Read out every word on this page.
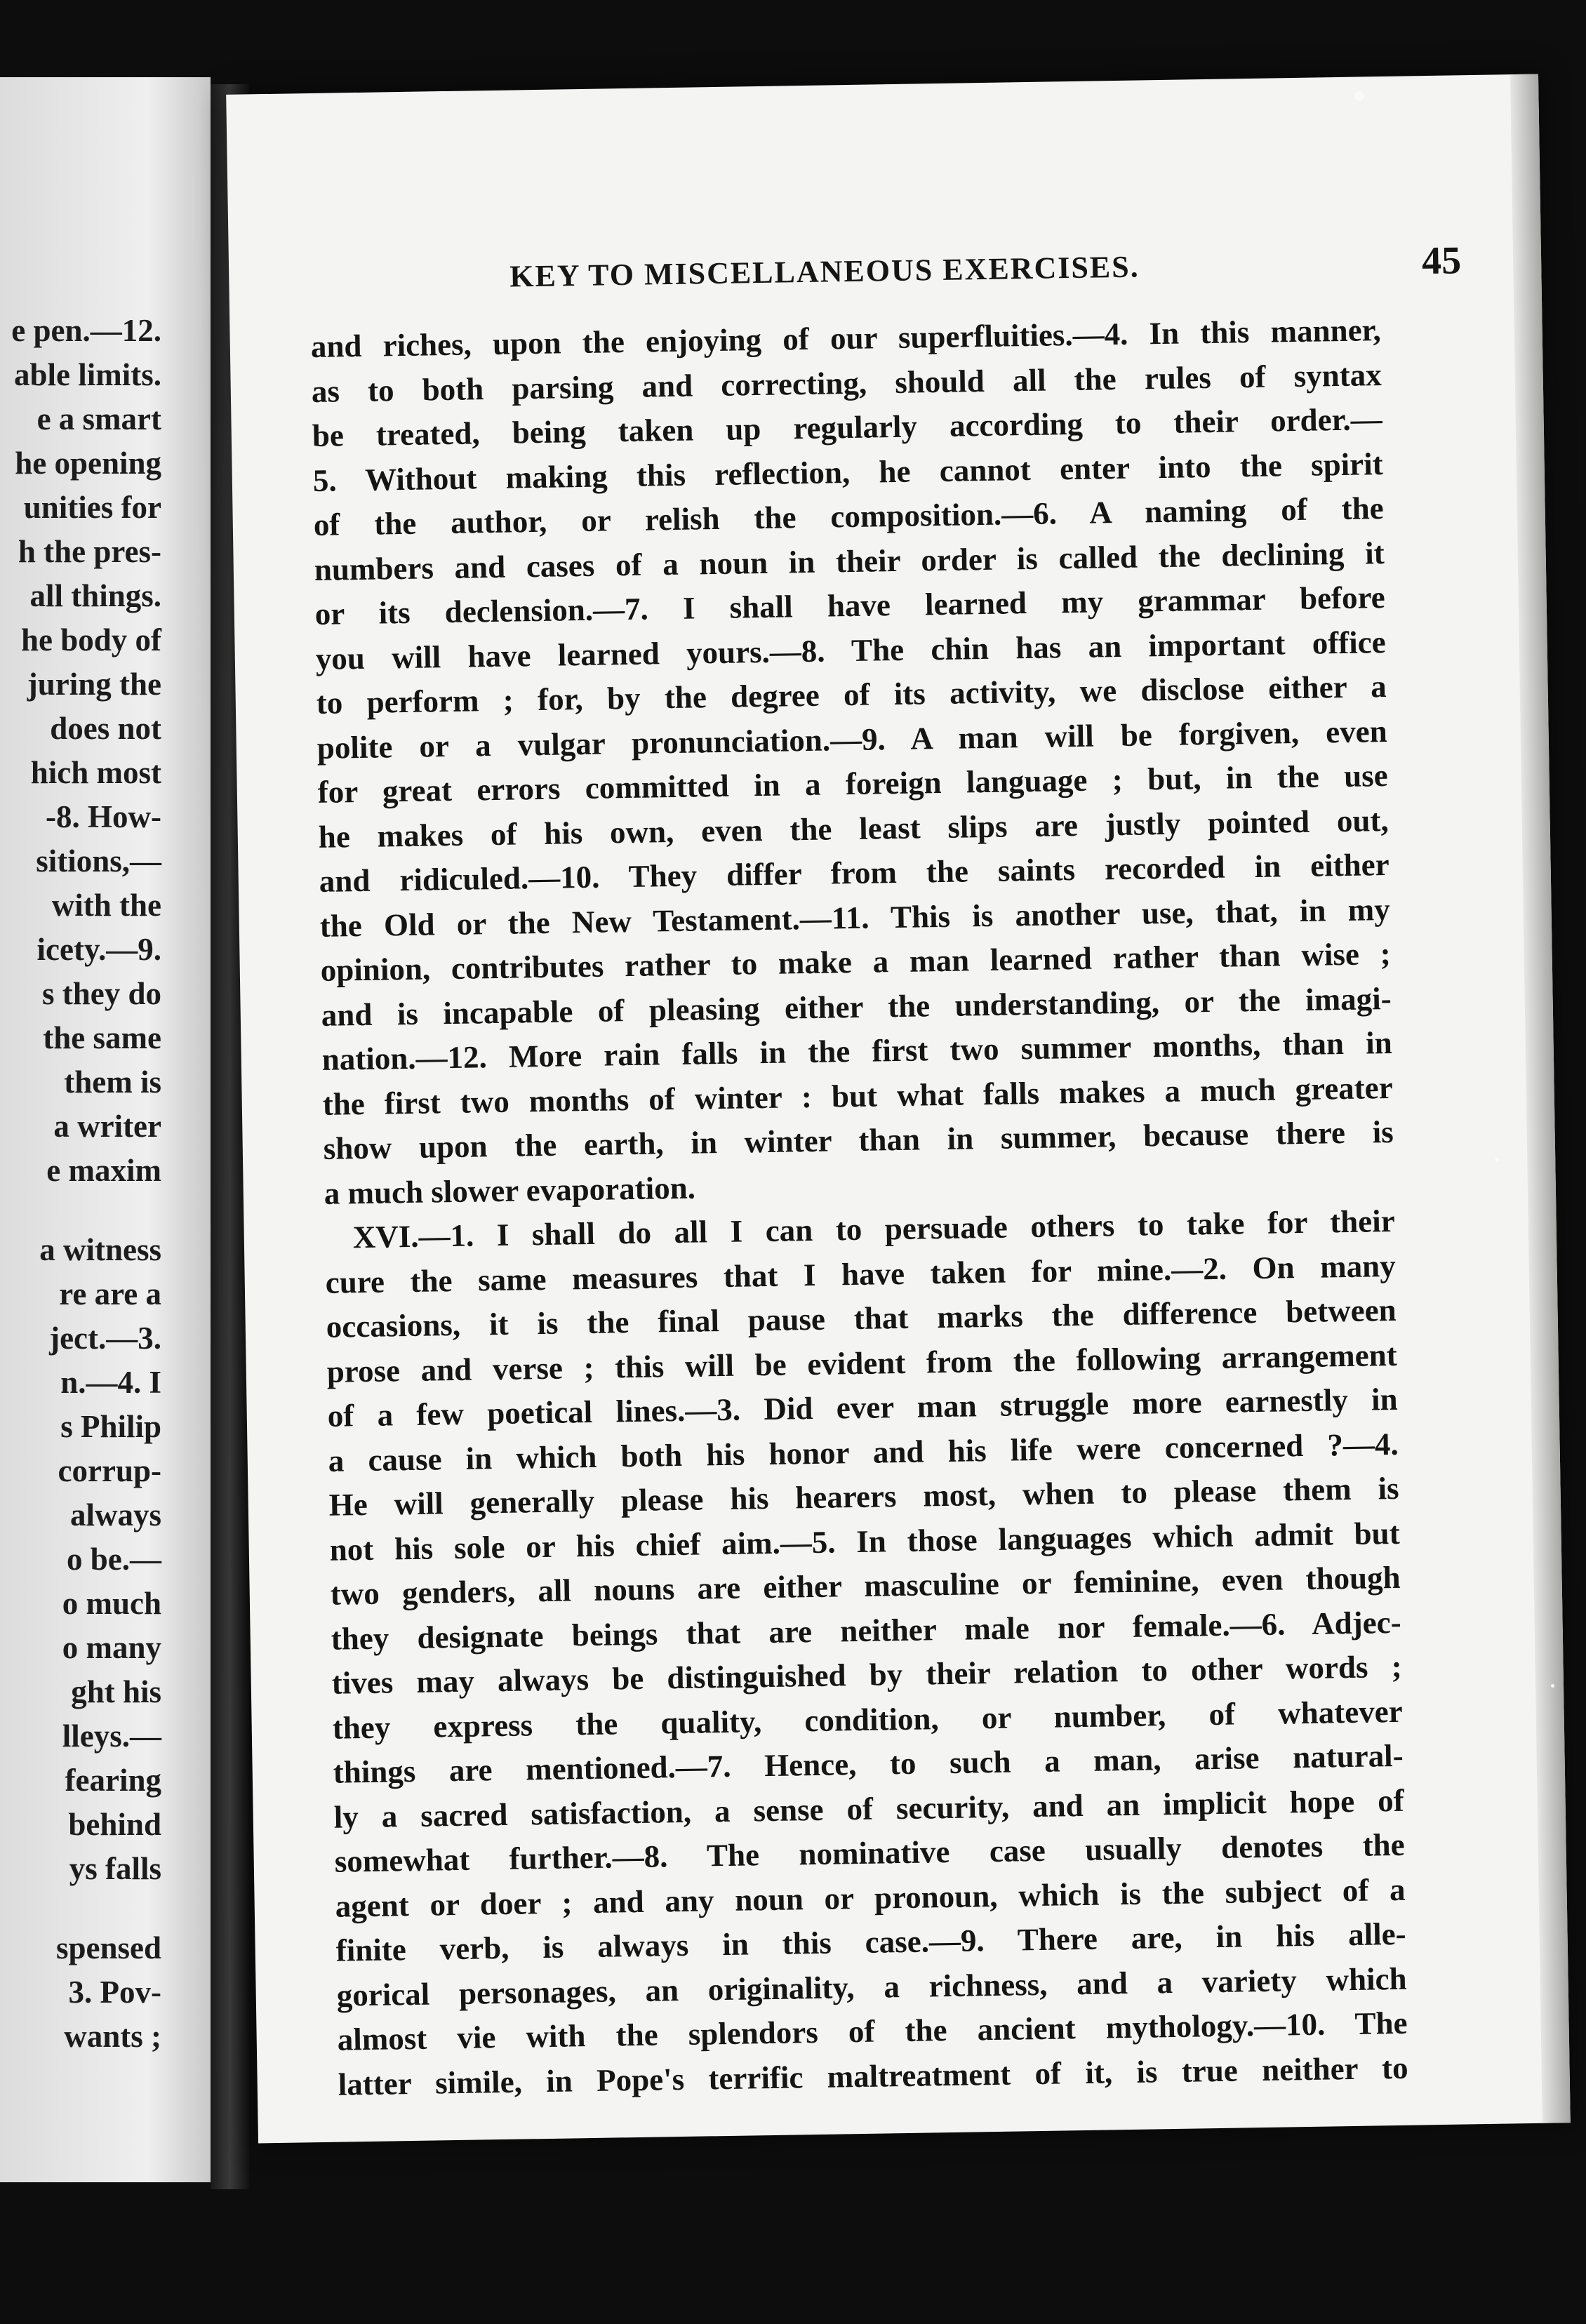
e pen.—12.
able limits.
e a smart
he opening
unities for
h the pres-
all things.
he body of
juring the
does not
hich most
-8. How-
sitions,—
with the
icety.—9.
s they do
the same
them is
a writer
e maxim
a witness
re are a
ject.—3.
n.—4. I
s Philip
corrup-
always
o be.—
o much
o many
ght his
lleys.—
fearing
behind
ys falls
spensed
3. Pov-
wants ;
KEY TO MISCELLANEOUS EXERCISES.	45
and riches, upon the enjoying of our superfluities.—4. In this manner,
as to both parsing and correcting, should all the rules of syntax
be treated, being taken up regularly according to their order.—
5. Without making this reflection, he cannot enter into the spirit
of the author, or relish the composition.—6. A naming of the
numbers and cases of a noun in their order is called the declining it
or its declension.—7. I shall have learned my grammar before
you will have learned yours.—8. The chin has an important office
to perform ; for, by the degree of its activity, we disclose either a
polite or a vulgar pronunciation.—9. A man will be forgiven, even
for great errors committed in a foreign language ; but, in the use
he makes of his own, even the least slips are justly pointed out,
and ridiculed.—10. They differ from the saints recorded in either
the Old or the New Testament.—11. This is another use, that, in my
opinion, contributes rather to make a man learned rather than wise ;
and is incapable of pleasing either the understanding, or the imagi-
nation.—12. More rain falls in the first two summer months, than in
the first two months of winter : but what falls makes a much greater
show upon the earth, in winter than in summer, because there is
a much slower evaporation.
XVI.—1. I shall do all I can to persuade others to take for their
cure the same measures that I have taken for mine.—2. On many
occasions, it is the final pause that marks the difference between
prose and verse ; this will be evident from the following arrangement
of a few poetical lines.—3. Did ever man struggle more earnestly in
a cause in which both his honor and his life were concerned ?—4.
He will generally please his hearers most, when to please them is
not his sole or his chief aim.—5. In those languages which admit but
two genders, all nouns are either masculine or feminine, even though
they designate beings that are neither male nor female.—6. Adjec-
tives may always be distinguished by their relation to other words ;
they express the quality, condition, or number, of whatever
things are mentioned.—7. Hence, to such a man, arise natural-
ly a sacred satisfaction, a sense of security, and an implicit hope of
somewhat further.—8. The nominative case usually denotes the
agent or doer ; and any noun or pronoun, which is the subject of a
finite verb, is always in this case.—9. There are, in his alle-
gorical personages, an originality, a richness, and a variety which
almost vie with the splendors of the ancient mythology.—10. The
latter simile, in Pope's terrific maltreatment of it, is true neither to
